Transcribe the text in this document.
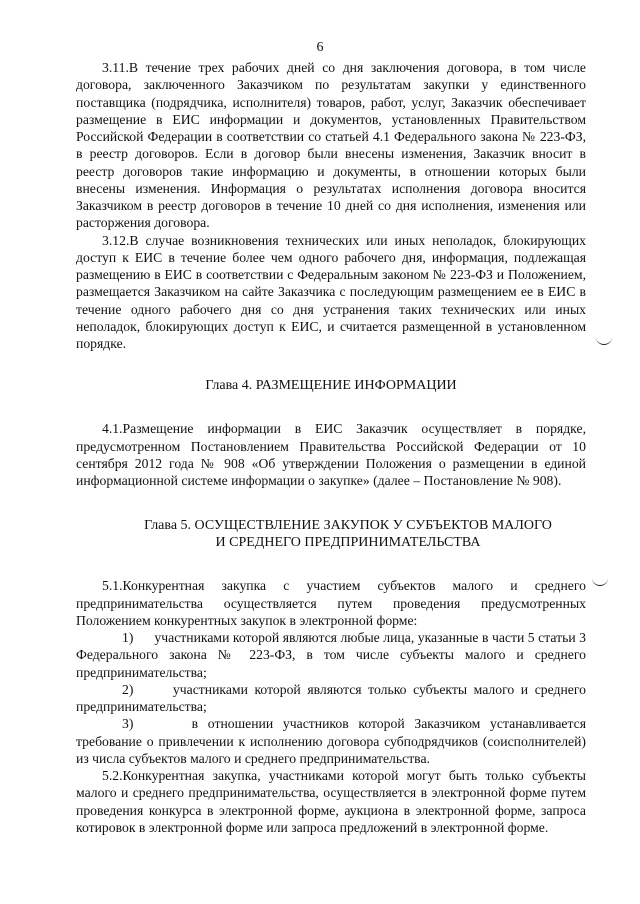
6

3.11.В течение трех рабочих дней со дня заключения договора, в том числе договора, заключенного Заказчиком по результатам закупки у единственного поставщика (подрядчика, исполнителя) товаров, работ, услуг, Заказчик обеспечивает размещение в ЕИС информации и документов, установленных Правительством Российской Федерации в соответствии со статьей 4.1 Федерального закона № 223-ФЗ, в реестр договоров. Если в договор были внесены изменения, Заказчик вносит в реестр договоров такие информацию и документы, в отношении которых были внесены изменения. Информация о результатах исполнения договора вносится Заказчиком в реестр договоров в течение 10 дней со дня исполнения, изменения или расторжения договора.

3.12.В случае возникновения технических или иных неполадок, блокирующих доступ к ЕИС в течение более чем одного рабочего дня, информация, подлежащая размещению в ЕИС в соответствии с Федеральным законом № 223-ФЗ и Положением, размещается Заказчиком на сайте Заказчика с последующим размещением ее в ЕИС в течение одного рабочего дня со дня устранения таких технических или иных неполадок, блокирующих доступ к ЕИС, и считается размещенной в установленном порядке.

Глава 4. РАЗМЕЩЕНИЕ ИНФОРМАЦИИ

4.1.Размещение информации в ЕИС Заказчик осуществляет в порядке, предусмотренном Постановлением Правительства Российской Федерации от 10 сентября 2012 года № 908 «Об утверждении Положения о размещении в единой информационной системе информации о закупке» (далее – Постановление № 908).

Глава 5. ОСУЩЕСТВЛЕНИЕ ЗАКУПОК У СУБЪЕКТОВ МАЛОГО
И СРЕДНЕГО ПРЕДПРИНИМАТЕЛЬСТВА

5.1.Конкурентная закупка с участием субъектов малого и среднего предпринимательства осуществляется путем проведения предусмотренных Положением конкурентных закупок в электронной форме:

1)      участниками которой являются любые лица, указанные в части 5 статьи 3 Федерального закона № 223-ФЗ, в том числе субъекты малого и среднего предпринимательства;

2)      участниками которой являются только субъекты малого и среднего предпринимательства;

3)      в отношении участников которой Заказчиком устанавливается требование о привлечении к исполнению договора субподрядчиков (соисполнителей) из числа субъектов малого и среднего предпринимательства.

5.2.Конкурентная закупка, участниками которой могут быть только субъекты малого и среднего предпринимательства, осуществляется в электронной форме путем проведения конкурса в электронной форме, аукциона в электронной форме, запроса котировок в электронной форме или запроса предложений в электронной форме.
